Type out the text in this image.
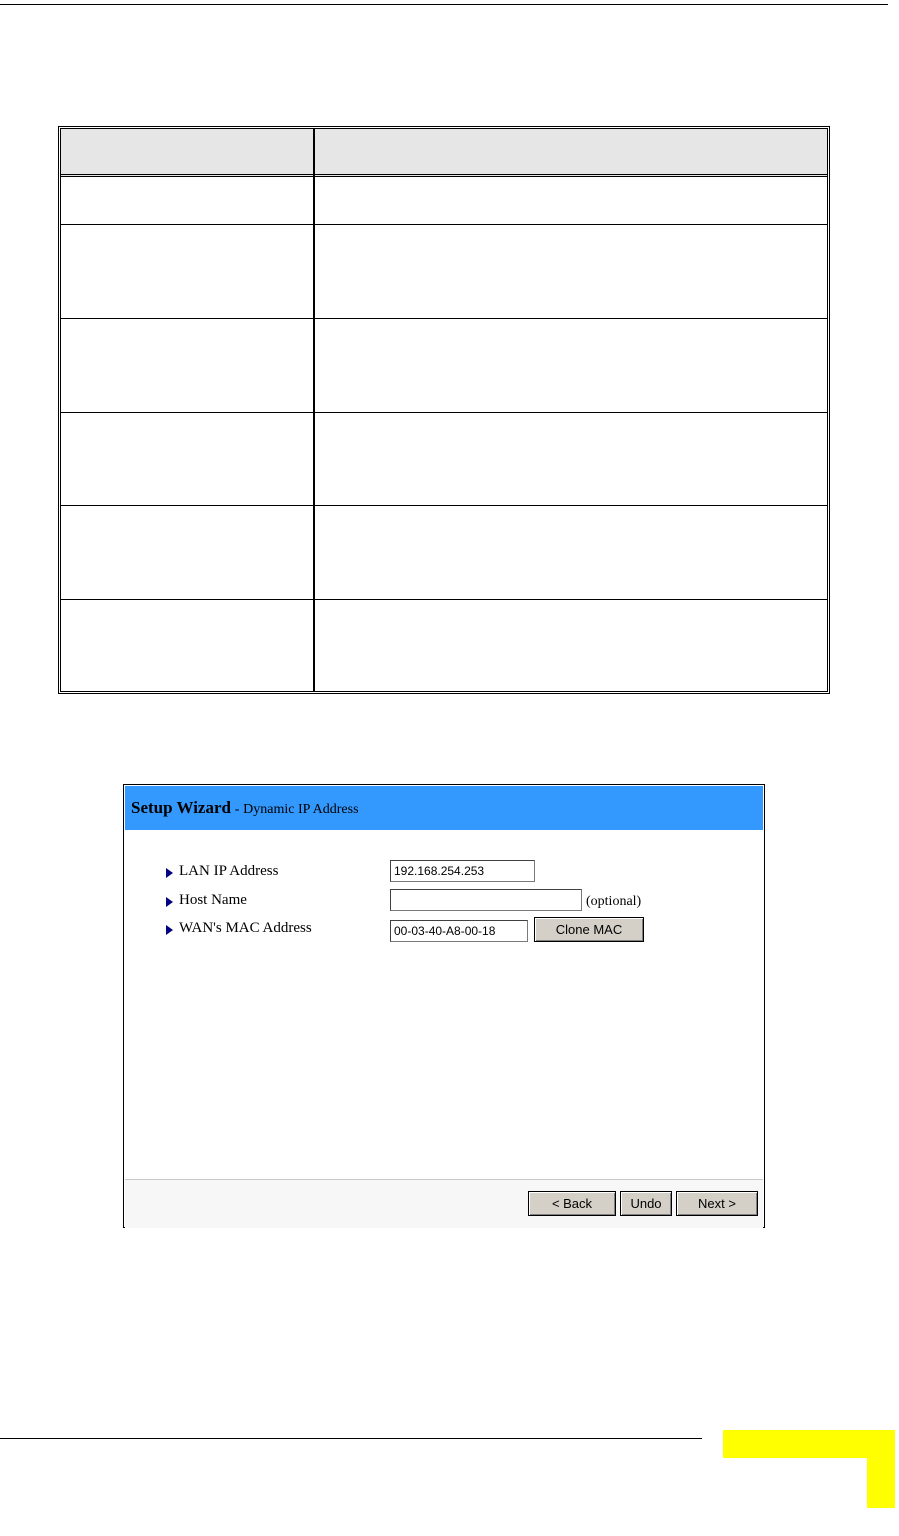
Setup Wizard - Dynamic IP Address
LAN IP Address	192.168.254.253
Host Name	(optional)
WAN's MAC Address	00-03-40-A8-00-18	Clone MAC
< Back	Undo	Next >
